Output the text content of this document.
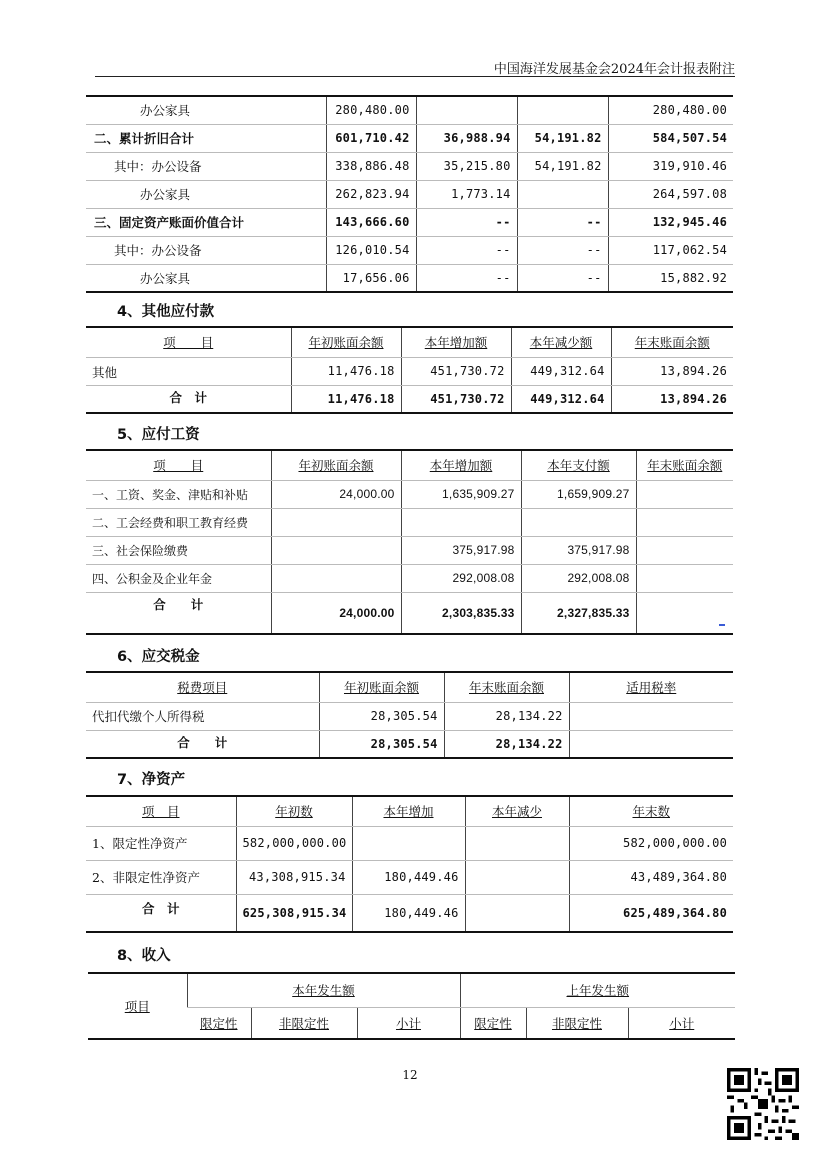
中国海洋发展基金会2024年会计报表附注
办公家具	280,480.00			280,480.00
二、累计折旧合计	601,710.42	36,988.94	54,191.82	584,507.54
其中：办公设备	338,886.48	35,215.80	54,191.82	319,910.46
办公家具	262,823.94	1,773.14		264,597.08
三、固定资产账面价值合计	143,666.60	--	--	132,945.46
其中：办公设备	126,010.54	--	--	117,062.54
办公家具	17,656.06	--	--	15,882.92
4、其他应付款
项　　目	年初账面余额	本年增加额	本年减少额	年末账面余额
其他	11,476.18	451,730.72	449,312.64	13,894.26
合　计	11,476.18	451,730.72	449,312.64	13,894.26
5、应付工资
项　　目	年初账面余额	本年增加额	本年支付额	年末账面余额
一、工资、奖金、津贴和补贴	24,000.00	1,635,909.27	1,659,909.27	
二、工会经费和职工教育经费				
三、社会保险缴费		375,917.98	375,917.98	
四、公积金及企业年金		292,008.08	292,008.08	
合　　计	24,000.00	2,303,835.33	2,327,835.33	
6、应交税金
税费项目	年初账面余额	年末账面余额	适用税率
代扣代缴个人所得税	28,305.54	28,134.22	
合　　计	28,305.54	28,134.22	
7、净资产
项　目	年初数	本年增加	本年减少	年末数
1、限定性净资产	582,000,000.00			582,000,000.00
2、非限定性净资产	43,308,915.34	180,449.46		43,489,364.80
合　计	625,308,915.34	180,449.46		625,489,364.80
8、收入
项目	本年发生额			上年发生额		
	限定性	非限定性	小计	限定性	非限定性	小计
12
